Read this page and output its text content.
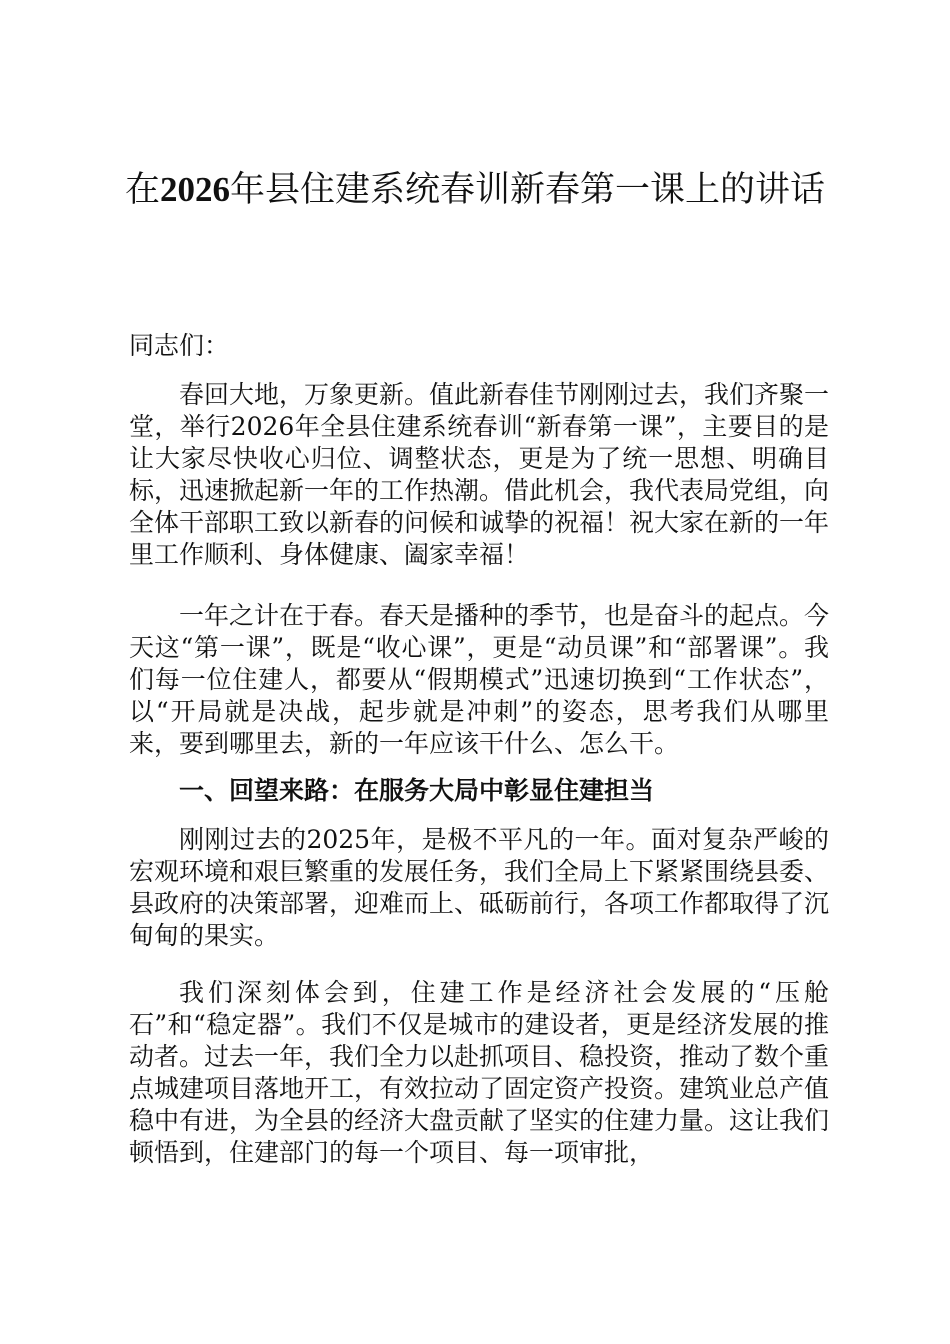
在2026年县住建系统春训新春第一课上的讲话

同志们：

春回大地，万象更新。值此新春佳节刚刚过去，我们齐聚一堂，举行2026年全县住建系统春训“新春第一课”，主要目的是让大家尽快收心归位、调整状态，更是为了统一思想、明确目标，迅速掀起新一年的工作热潮。借此机会，我代表局党组，向全体干部职工致以新春的问候和诚挚的祝福！祝大家在新的一年里工作顺利、身体健康、阖家幸福！

一年之计在于春。春天是播种的季节，也是奋斗的起点。今天这“第一课”，既是“收心课”，更是“动员课”和“部署课”。我们每一位住建人，都要从“假期模式”迅速切换到“工作状态”，以“开局就是决战，起步就是冲刺”的姿态，思考我们从哪里来，要到哪里去，新的一年应该干什么、怎么干。

一、回望来路：在服务大局中彰显住建担当

刚刚过去的2025年，是极不平凡的一年。面对复杂严峻的宏观环境和艰巨繁重的发展任务，我们全局上下紧紧围绕县委、县政府的决策部署，迎难而上、砥砺前行，各项工作都取得了沉甸甸的果实。

我们深刻体会到，住建工作是经济社会发展的“压舱石”和“稳定器”。我们不仅是城市的建设者，更是经济发展的推动者。过去一年，我们全力以赴抓项目、稳投资，推动了数个重点城建项目落地开工，有效拉动了固定资产投资。建筑业总产值稳中有进，为全县的经济大盘贡献了坚实的住建力量。这让我们顿悟到，住建部门的每一个项目、每一项审批，
